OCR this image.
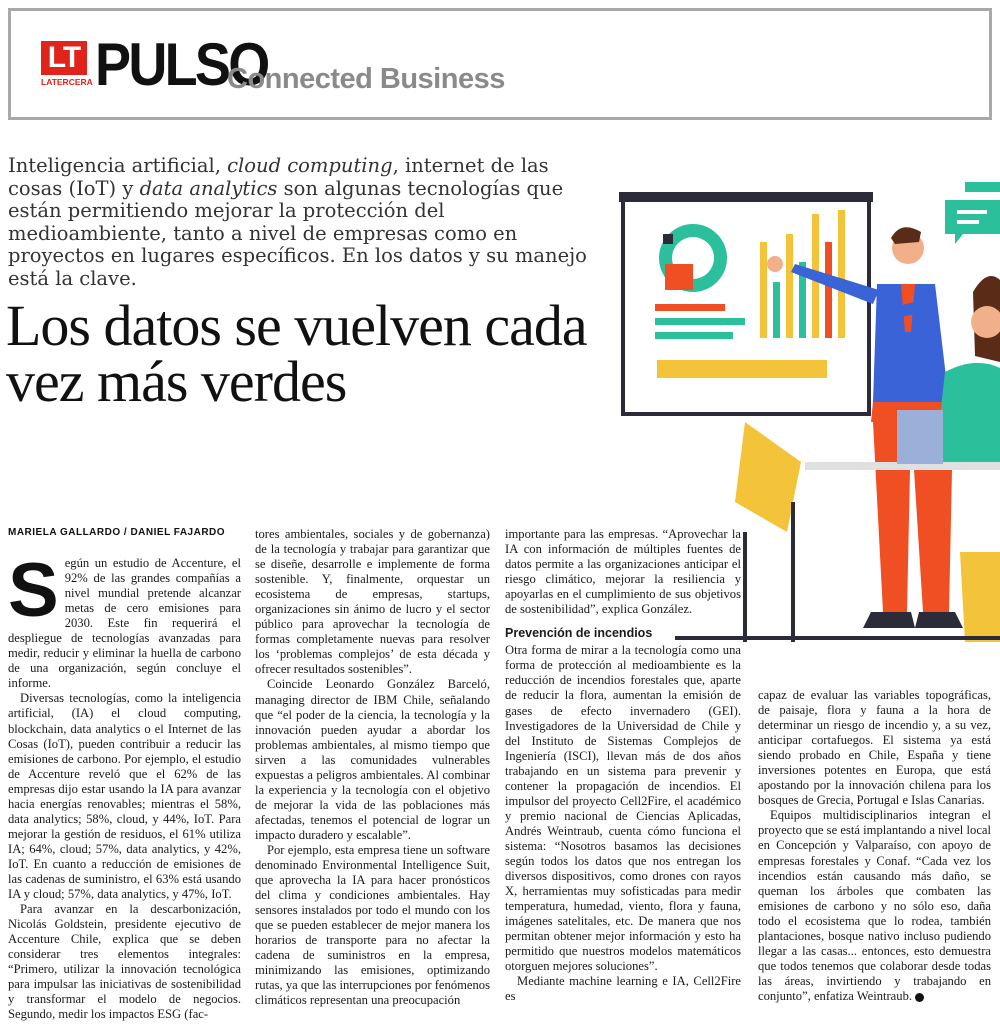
LT
LATERCERA PULSO
Connected Business
Inteligencia artificial, cloud computing, internet de las cosas (IoT) y data analytics son algunas tecnologías que están permitiendo mejorar la protección del medioambiente, tanto a nivel de empresas como en proyectos en lugares específicos. En los datos y su manejo está la clave.
Los datos se vuelven cada vez más verdes
MARIELA GALLARDO / DANIEL FAJARDO

Según un estudio de Accenture, el 92% de las grandes compañías a nivel mundial pretende alcanzar metas de cero emisiones para 2030. Este fin requerirá el despliegue de tecnologías avanzadas para medir, reducir y eliminar la huella de carbono de una organización, según concluye el informe.

Diversas tecnologías, como la inteligencia artificial, (IA) el cloud computing, blockchain, data analytics o el Internet de las Cosas (IoT), pueden contribuir a reducir las emisiones de carbono. Por ejemplo, el estudio de Accenture reveló que el 62% de las empresas dijo estar usando la IA para avanzar hacia energías renovables; mientras el 58%, data analytics; 58%, cloud, y 44%, IoT. Para mejorar la gestión de residuos, el 61% utiliza IA; 64%, cloud; 57%, data analytics, y 42%, IoT. En cuanto a reducción de emisiones de las cadenas de suministro, el 63% está usando IA y cloud; 57%, data analytics, y 47%, IoT.

Para avanzar en la descarbonización, Nicolás Goldstein, presidente ejecutivo de Accenture Chile, explica que se deben considerar tres elementos integrales: “Primero, utilizar la innovación tecnológica para impulsar las iniciativas de sostenibilidad y transformar el modelo de negocios. Segundo, medir los impactos ESG (fac-

tores ambientales, sociales y de gobernanza) de la tecnología y trabajar para garantizar que se diseñe, desarrolle e implemente de forma sostenible. Y, finalmente, orquestar un ecosistema de empresas, startups, organizaciones sin ánimo de lucro y el sector público para aprovechar la tecnología de formas completamente nuevas para resolver los ‘problemas complejos’ de esta década y ofrecer resultados sostenibles”.

Coincide Leonardo González Barceló, managing director de IBM Chile, señalando que “el poder de la ciencia, la tecnología y la innovación pueden ayudar a abordar los problemas ambientales, al mismo tiempo que sirven a las comunidades vulnerables expuestas a peligros ambientales. Al combinar la experiencia y la tecnología con el objetivo de mejorar la vida de las poblaciones más afectadas, tenemos el potencial de lograr un impacto duradero y escalable”.

Por ejemplo, esta empresa tiene un software denominado Environmental Intelligence Suit, que aprovecha la IA para hacer pronósticos del clima y condiciones ambientales. Hay sensores instalados por todo el mundo con los que se pueden establecer de mejor manera los horarios de transporte para no afectar la cadena de suministros en la empresa, minimizando las emisiones, optimizando rutas, ya que las interrupciones por fenómenos climáticos representan una preocupación

importante para las empresas. “Aprovechar la IA con información de múltiples fuentes de datos permite a las organizaciones anticipar el riesgo climático, mejorar la resiliencia y apoyarlas en el cumplimiento de sus objetivos de sostenibilidad”, explica González.

Prevención de incendios

Otra forma de mirar a la tecnología como una forma de protección al medioambiente es la reducción de incendios forestales que, aparte de reducir la flora, aumentan la emisión de gases de efecto invernadero (GEI). Investigadores de la Universidad de Chile y del Instituto de Sistemas Complejos de Ingeniería (ISCI), llevan más de dos años trabajando en un sistema para prevenir y contener la propagación de incendios. El impulsor del proyecto Cell2Fire, el académico y premio nacional de Ciencias Aplicadas, Andrés Weintraub, cuenta cómo funciona el sistema: “Nosotros basamos las decisiones según todos los datos que nos entregan los diversos dispositivos, como drones con rayos X, herramientas muy sofisticadas para medir temperatura, humedad, viento, flora y fauna, imágenes satelitales, etc. De manera que nos permitan obtener mejor información y esto ha permitido que nuestros modelos matemáticos otorguen mejores soluciones”.

Mediante machine learning e IA, Cell2Fire es

capaz de evaluar las variables topográficas, de paisaje, flora y fauna a la hora de determinar un riesgo de incendio y, a su vez, anticipar cortafuegos. El sistema ya está siendo probado en Chile, España y tiene inversiones potentes en Europa, que está apostando por la innovación chilena para los bosques de Grecia, Portugal e Islas Canarias.

Equipos multidisciplinarios integran el proyecto que se está implantando a nivel local en Concepción y Valparaíso, con apoyo de empresas forestales y Conaf. “Cada vez los incendios están causando más daño, se queman los árboles que combaten las emisiones de carbono y no sólo eso, daña todo el ecosistema que lo rodea, también plantaciones, bosque nativo incluso pudiendo llegar a las casas... entonces, esto demuestra que todos tenemos que colaborar desde todas las áreas, invirtiendo y trabajando en conjunto”, enfatiza Weintraub. P
